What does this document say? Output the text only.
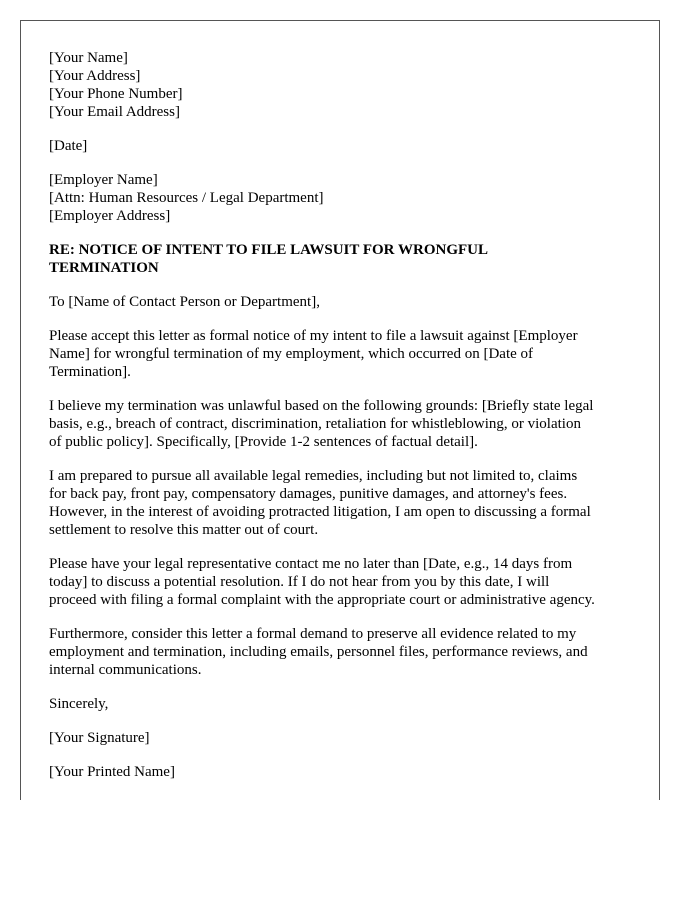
[Your Name]
[Your Address]
[Your Phone Number]
[Your Email Address]
[Date]
[Employer Name]
[Attn: Human Resources / Legal Department]
[Employer Address]
RE: NOTICE OF INTENT TO FILE LAWSUIT FOR WRONGFUL
TERMINATION
To [Name of Contact Person or Department],

Please accept this letter as formal notice of my intent to file a lawsuit against [Employer
Name] for wrongful termination of my employment, which occurred on [Date of
Termination].

I believe my termination was unlawful based on the following grounds: [Briefly state legal
basis, e.g., breach of contract, discrimination, retaliation for whistleblowing, or violation
of public policy]. Specifically, [Provide 1-2 sentences of factual detail].

I am prepared to pursue all available legal remedies, including but not limited to, claims
for back pay, front pay, compensatory damages, punitive damages, and attorney's fees.
However, in the interest of avoiding protracted litigation, I am open to discussing a formal
settlement to resolve this matter out of court.

Please have your legal representative contact me no later than [Date, e.g., 14 days from
today] to discuss a potential resolution. If I do not hear from you by this date, I will
proceed with filing a formal complaint with the appropriate court or administrative agency.

Furthermore, consider this letter a formal demand to preserve all evidence related to my
employment and termination, including emails, personnel files, performance reviews, and
internal communications.

Sincerely,
[Your Signature]
[Your Printed Name]
